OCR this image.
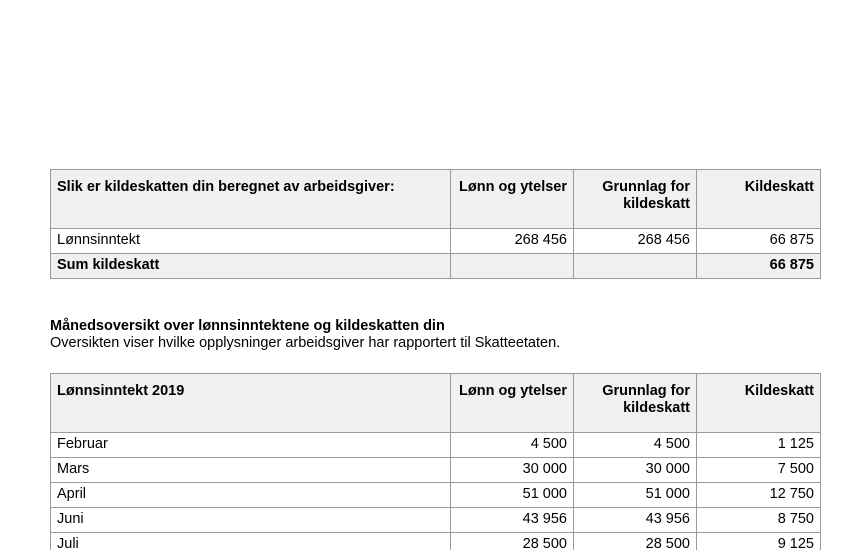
Slik er kildeskatten din beregnet av arbeidsgiver:	Lønn og ytelser	Grunnlag for kildeskatt	Kildeskatt
Lønnsinntekt	268 456	268 456	66 875
Sum kildeskatt			66 875
Månedsoversikt over lønnsinntektene og kildeskatten din
Oversikten viser hvilke opplysninger arbeidsgiver har rapportert til Skatteetaten.
Lønnsinntekt 2019	Lønn og ytelser	Grunnlag for kildeskatt	Kildeskatt
Februar	4 500	4 500	1 125
Mars	30 000	30 000	7 500
April	51 000	51 000	12 750
Juni	43 956	43 956	8 750
Juli	28 500	28 500	9 125
